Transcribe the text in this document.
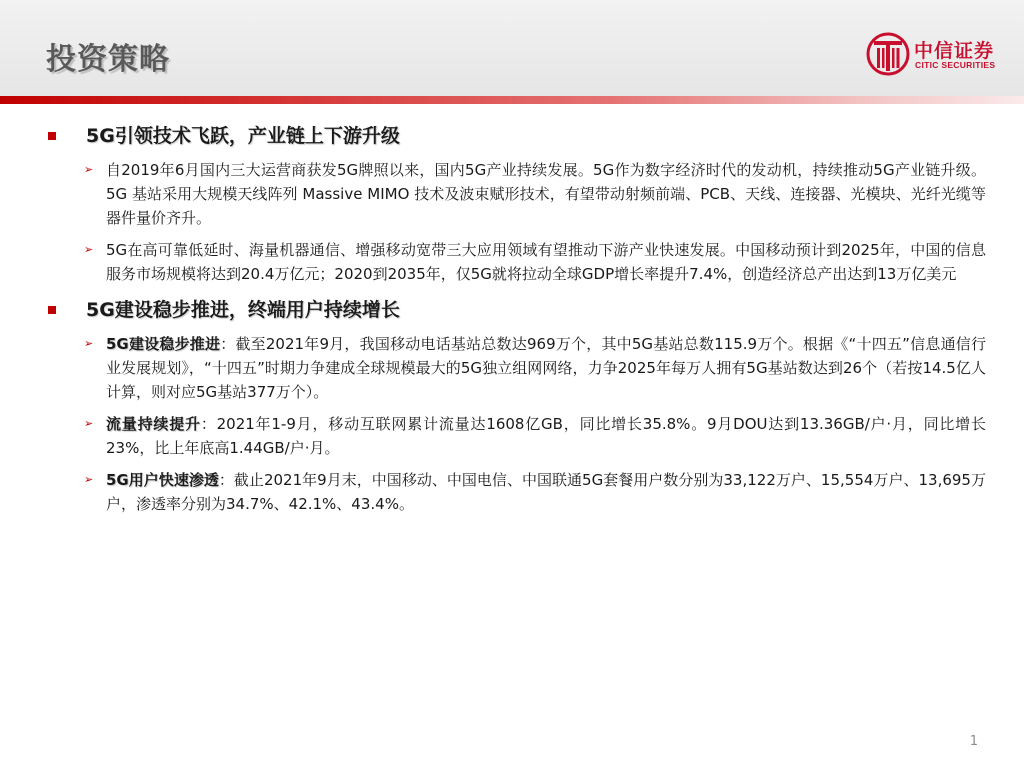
投资策略	中信证券
CITIC SECURITIES
5G引领技术飞跃，产业链上下游升级
➢ 自2019年6月国内三大运营商获发5G牌照以来，国内5G产业持续发展。5G作为数字经济时代的发动机，持续推动5G产业链升级。5G 基站采用大规模天线阵列 Massive MIMO 技术及波束赋形技术，有望带动射频前端、PCB、天线、连接器、光模块、光纤光缆等器件量价齐升。
➢ 5G在高可靠低延时、海量机器通信、增强移动宽带三大应用领域有望推动下游产业快速发展。中国移动预计到2025年，中国的信息服务市场规模将达到20.4万亿元；2020到2035年，仅5G就将拉动全球GDP增长率提升7.4%，创造经济总产出达到13万亿美元
5G建设稳步推进，终端用户持续增长
➢ 5G建设稳步推进：截至2021年9月，我国移动电话基站总数达969万个，其中5G基站总数115.9万个。根据《“十四五”信息通信行业发展规划》，“十四五”时期力争建成全球规模最大的5G独立组网网络，力争2025年每万人拥有5G基站数达到26个（若按14.5亿人计算，则对应5G基站377万个）。
➢ 流量持续提升：2021年1-9月，移动互联网累计流量达1608亿GB，同比增长35.8%。9月DOU达到13.36GB/户·月，同比增长23%，比上年底高1.44GB/户·月。
➢ 5G用户快速渗透：截止2021年9月末，中国移动、中国电信、中国联通5G套餐用户数分别为33,122万户、15,554万户、13,695万户，渗透率分别为34.7%、42.1%、43.4%。
1
